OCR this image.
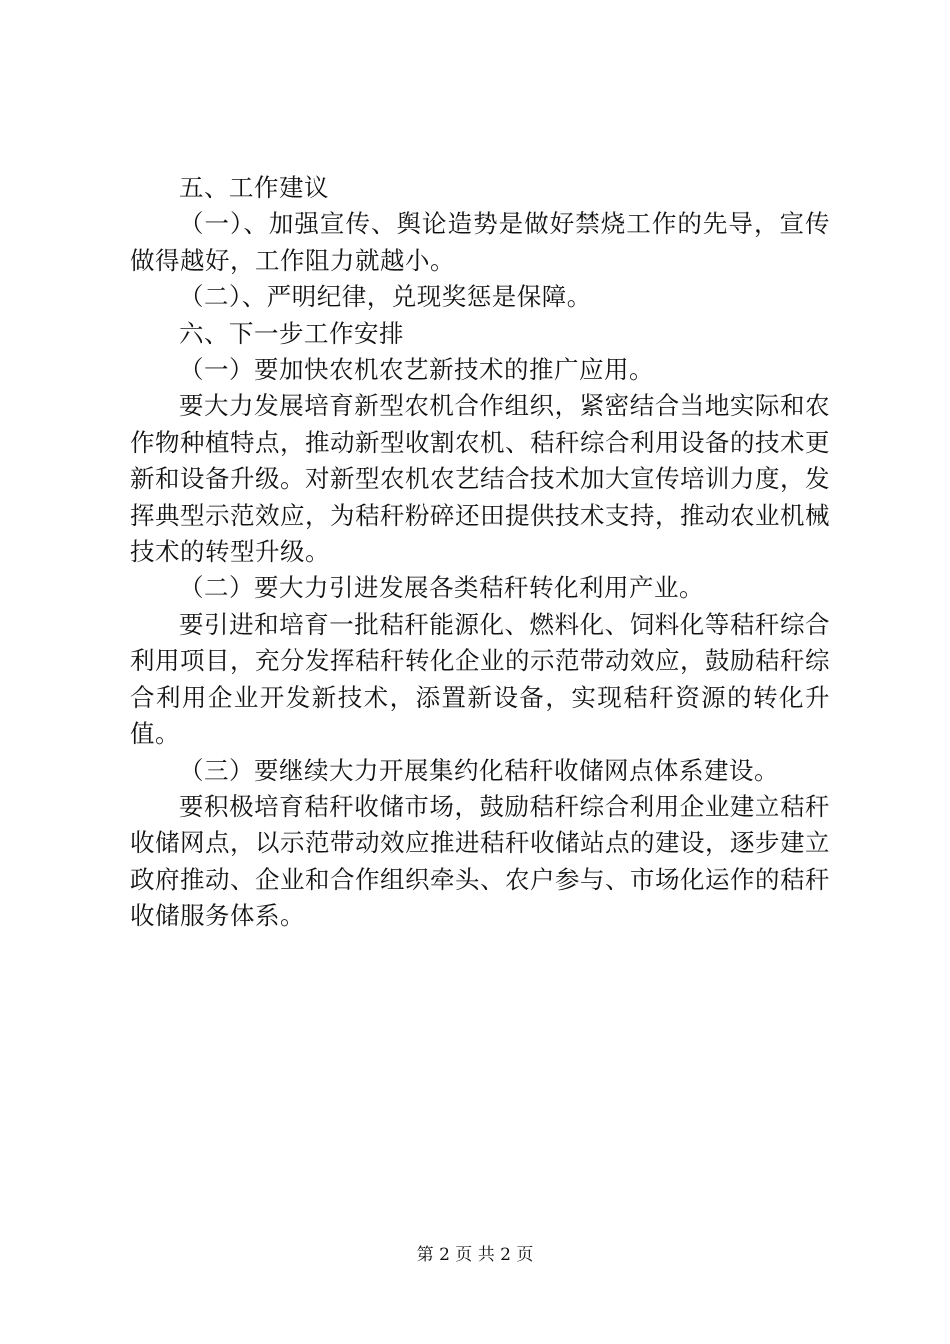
五、工作建议

（一）、加强宣传、舆论造势是做好禁烧工作的先导，宣传做得越好，工作阻力就越小。

（二）、严明纪律，兑现奖惩是保障。

六、下一步工作安排

（一）要加快农机农艺新技术的推广应用。

要大力发展培育新型农机合作组织，紧密结合当地实际和农作物种植特点，推动新型收割农机、秸秆综合利用设备的技术更新和设备升级。对新型农机农艺结合技术加大宣传培训力度，发挥典型示范效应，为秸秆粉碎还田提供技术支持，推动农业机械技术的转型升级。

（二）要大力引进发展各类秸秆转化利用产业。

要引进和培育一批秸秆能源化、燃料化、饲料化等秸秆综合利用项目，充分发挥秸秆转化企业的示范带动效应，鼓励秸秆综合利用企业开发新技术，添置新设备，实现秸秆资源的转化升值。

（三）要继续大力开展集约化秸秆收储网点体系建设。

要积极培育秸秆收储市场，鼓励秸秆综合利用企业建立秸秆收储网点，以示范带动效应推进秸秆收储站点的建设，逐步建立政府推动、企业和合作组织牵头、农户参与、市场化运作的秸秆收储服务体系。

第 2 页 共 2 页
